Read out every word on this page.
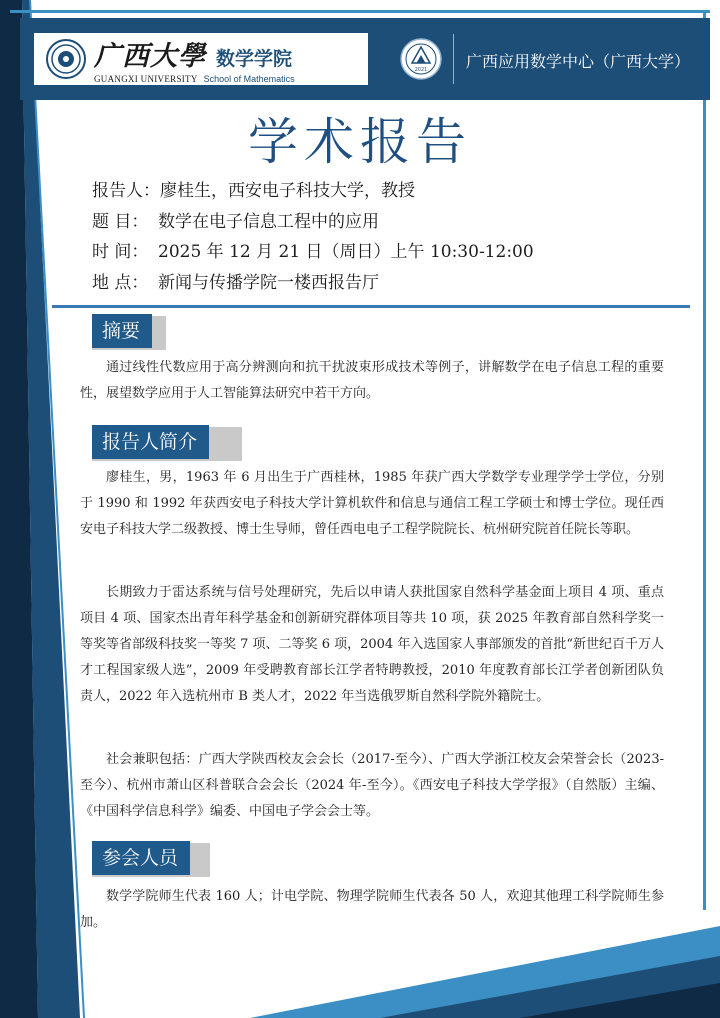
广西大學 数学学院
GUANGXI UNIVERSITY School of Mathematics
2021 广西应用数学中心（广西大学）
学术报告
报告人：廖桂生，西安电子科技大学，教授
题 目： 数学在电子信息工程中的应用
时 间： 2025 年 12 月 21 日（周日）上午 10:30-12:00
地 点： 新闻与传播学院一楼西报告厅
摘要
通过线性代数应用于高分辨测向和抗干扰波束形成技术等例子，讲解数学在电子信息工程的重要性，展望数学应用于人工智能算法研究中若干方向。
报告人简介
廖桂生，男，1963 年 6 月出生于广西桂林，1985 年获广西大学数学专业理学学士学位，分别于 1990 和 1992 年获西安电子科技大学计算机软件和信息与通信工程工学硕士和博士学位。现任西安电子科技大学二级教授、博士生导师，曾任西电电子工程学院院长、杭州研究院首任院长等职。
长期致力于雷达系统与信号处理研究，先后以申请人获批国家自然科学基金面上项目 4 项、重点项目 4 项、国家杰出青年科学基金和创新研究群体项目等共 10 项，获 2025 年教育部自然科学奖一等奖等省部级科技奖一等奖 7 项、二等奖 6 项，2004 年入选国家人事部颁发的首批“新世纪百千万人才工程国家级人选”，2009 年受聘教育部长江学者特聘教授，2010 年度教育部长江学者创新团队负责人，2022 年入选杭州市 B 类人才，2022 年当选俄罗斯自然科学院外籍院士。
社会兼职包括：广西大学陕西校友会会长（2017-至今）、广西大学浙江校友会荣誉会长（2023-至今）、杭州市萧山区科普联合会会长（2024 年-至今）。《西安电子科技大学学报》（自然版）主编、《中国科学信息科学》编委、中国电子学会会士等。
参会人员
数学学院师生代表 160 人；计电学院、物理学院师生代表各 50 人，欢迎其他理工科学院师生参加。
